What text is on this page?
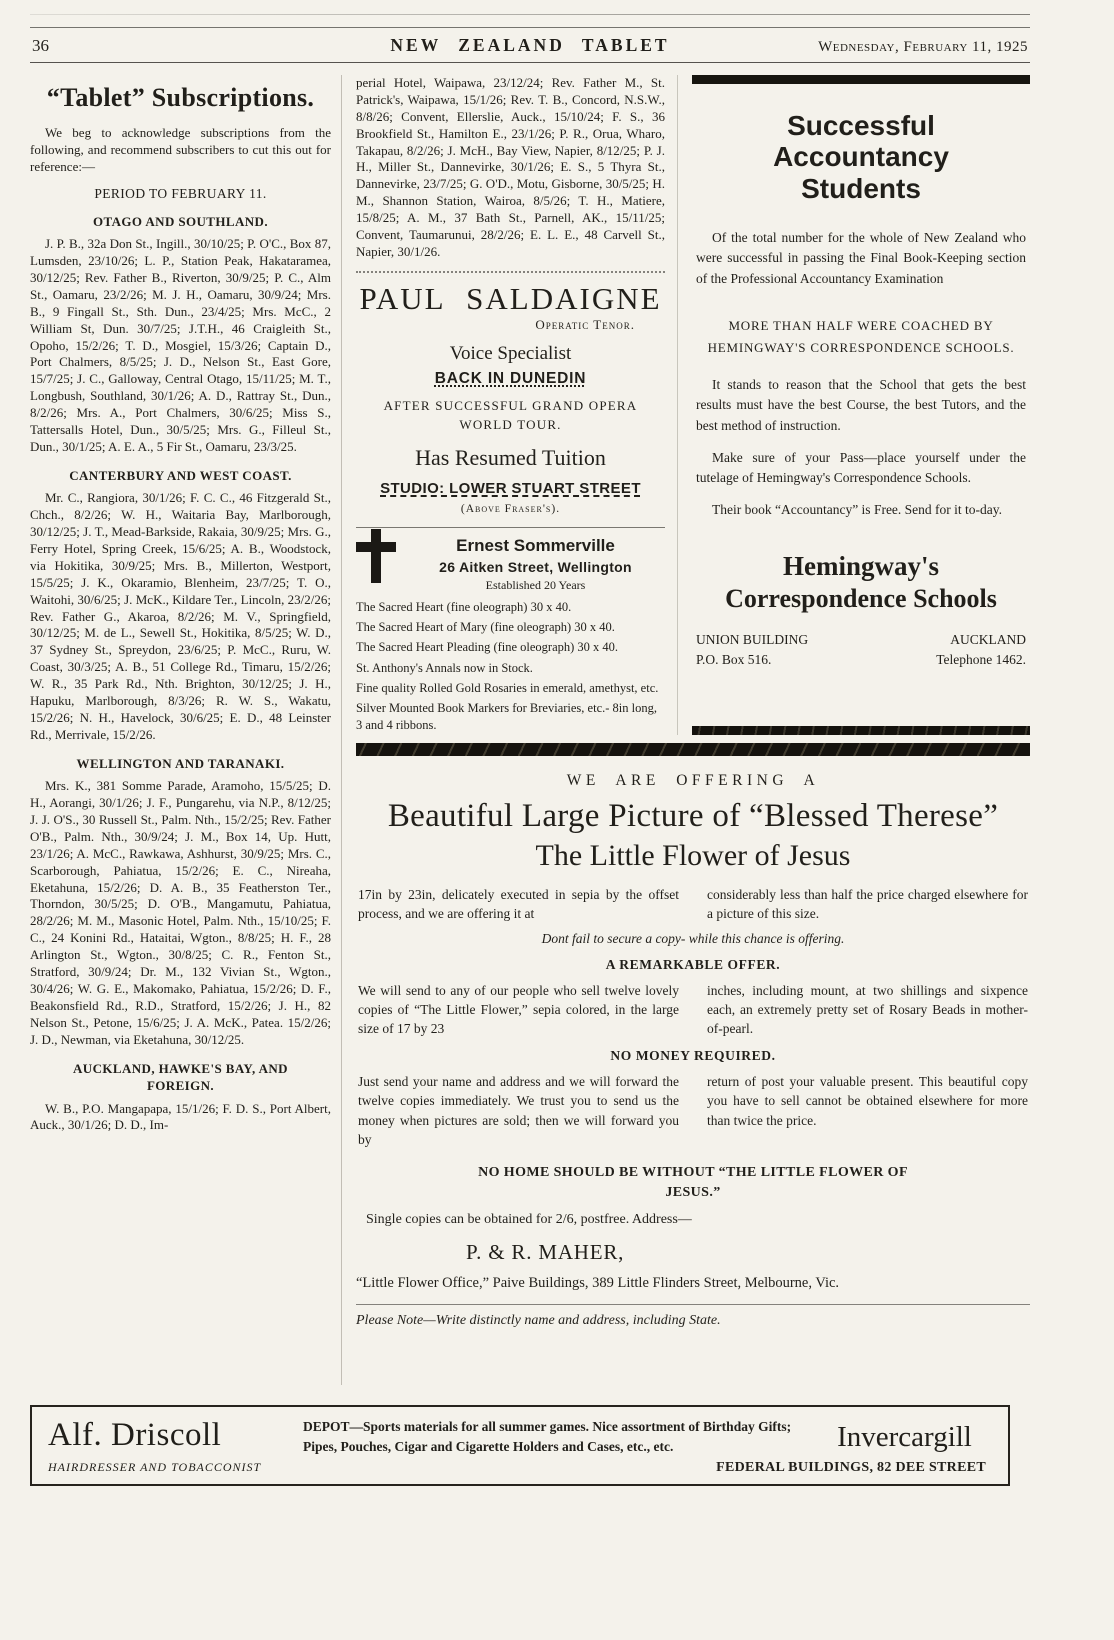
36	NEW ZEALAND TABLET	Wednesday, February 11, 1925
“Tablet” Subscriptions.

We beg to acknowledge subscriptions from the following, and recommend subscribers to cut this out for reference:—

PERIOD TO FEBRUARY 11.

OTAGO AND SOUTHLAND.

J. P. B., 32a Don St., Ingill., 30/10/25; P. O'C., Box 87, Lumsden, 23/10/26; L. P., Station Peak, Hakataramea, 30/12/25; Rev. Father B., Riverton, 30/9/25; P. C., Alm St., Oamaru, 23/2/26; M. J. H., Oamaru, 30/9/24; Mrs. B., 9 Fingall St., Sth. Dun., 23/4/25; Mrs. McC., 2 William St, Dun. 30/7/25; J.T.H., 46 Craigleith St., Opoho, 15/2/26; T. D., Mosgiel, 15/3/26; Captain D., Port Chalmers, 8/5/25; J. D., Nelson St., East Gore, 15/7/25; J. C., Galloway, Central Otago, 15/11/25; M. T., Longbush, Southland, 30/1/26; A. D., Rattray St., Dun., 8/2/26; Mrs. A., Port Chalmers, 30/6/25; Miss S., Tattersalls Hotel, Dun., 30/5/25; Mrs. G., Filleul St., Dun., 30/1/25; A. E. A., 5 Fir St., Oamaru, 23/3/25.

CANTERBURY AND WEST COAST.

Mr. C., Rangiora, 30/1/26; F. C. C., 46 Fitzgerald St., Chch., 8/2/26; W. H., Waitaria Bay, Marlborough, 30/12/25; J. T., Mead-Barkside, Rakaia, 30/9/25; Mrs. G., Ferry Hotel, Spring Creek, 15/6/25; A. B., Woodstock, via Hokitika, 30/9/25; Mrs. B., Millerton, Westport, 15/5/25; J. K., Okaramio, Blenheim, 23/7/25; T. O., Waitohi, 30/6/25; J. McK., Kildare Ter., Lincoln, 23/2/26; Rev. Father G., Akaroa, 8/2/26; M. V., Springfield, 30/12/25; M. de L., Sewell St., Hokitika, 8/5/25; W. D., 37 Sydney St., Spreydon, 23/6/25; P. McC., Ruru, W. Coast, 30/3/25; A. B., 51 College Rd., Timaru, 15/2/26; W. R., 35 Park Rd., Nth. Brighton, 30/12/25; J. H., Hapuku, Marlborough, 8/3/26; R. W. S., Wakatu, 15/2/26; N. H., Havelock, 30/6/25; E. D., 48 Leinster Rd., Merrivale, 15/2/26.

WELLINGTON AND TARANAKI.

Mrs. K., 381 Somme Parade, Aramoho, 15/5/25; D. H., Aorangi, 30/1/26; J. F., Pungarehu, via N.P., 8/12/25; J. J. O'S., 30 Russell St., Palm. Nth., 15/2/25; Rev. Father O'B., Palm. Nth., 30/9/24; J. M., Box 14, Up. Hutt, 23/1/26; A. McC., Rawkawa, Ashhurst, 30/9/25; Mrs. C., Scarborough, Pahiatua, 15/2/26; E. C., Nireaha, Eketahuna, 15/2/26; D. A. B., 35 Featherston Ter., Thorndon, 30/5/25; D. O'B., Mangamutu, Pahiatua, 28/2/26; M. M., Masonic Hotel, Palm. Nth., 15/10/25; F. C., 24 Konini Rd., Hataitai, Wgton., 8/8/25; H. F., 28 Arlington St., Wgton., 30/8/25; C. R., Fenton St., Stratford, 30/9/24; Dr. M., 132 Vivian St., Wgton., 30/4/26; W. G. E., Makomako, Pahiatua, 15/2/26; D. F., Beakonsfield Rd., R.D., Stratford, 15/2/26; J. H., 82 Nelson St., Petone, 15/6/25; J. A. McK., Patea. 15/2/26; J. D., Newman, via Eketahuna, 30/12/25.

AUCKLAND, HAWKE'S BAY, AND FOREIGN.

W. B., P.O. Mangapapa, 15/1/26; F. D. S., Port Albert, Auck., 30/1/26; D. D., Im-

perial Hotel, Waipawa, 23/12/24; Rev. Father M., St. Patrick's, Waipawa, 15/1/26; Rev. T. B., Concord, N.S.W., 8/8/26; Convent, Ellerslie, Auck., 15/10/24; F. S., 36 Brookfield St., Hamilton E., 23/1/26; P. R., Orua, Wharo, Takapau, 8/2/26; J. McH., Bay View, Napier, 8/12/25; P. J. H., Miller St., Dannevirke, 30/1/26; E. S., 5 Thyra St., Dannevirke, 23/7/25; G. O'D., Motu, Gisborne, 30/5/25; H. M., Shannon Station, Wairoa, 8/5/26; T. H., Matiere, 15/8/25; A. M., 37 Bath St., Parnell, AK., 15/11/25; Convent, Taumarunui, 28/2/26; E. L. E., 48 Carvell St., Napier, 30/1/26.

PAUL SALDAIGNE
Operatic Tenor.
Voice Specialist
BACK IN DUNEDIN
AFTER SUCCESSFUL GRAND OPERA WORLD TOUR.
Has Resumed Tuition
STUDIO: LOWER STUART STREET
(Above Fraser's).
Ernest Sommerville
26 Aitken Street, Wellington
Established 20 Years

The Sacred Heart (fine oleograph) 30 x 40.

The Sacred Heart of Mary (fine oleograph) 30 x 40.

The Sacred Heart Pleading (fine oleograph) 30 x 40.

St. Anthony's Annals now in Stock.

Fine quality Rolled Gold Rosaries in emerald, amethyst, etc.

Silver Mounted Book Markers for Breviaries, etc.- 8in long, 3 and 4 ribbons.

Successful Accountancy Students

Of the total number for the whole of New Zealand who were successful in passing the Final Book-Keeping section of the Professional Accountancy Examination

MORE THAN HALF WERE COACHED BY HEMINGWAY'S CORRESPONDENCE SCHOOLS.

It stands to reason that the School that gets the best results must have the best Course, the best Tutors, and the best method of instruction.

Make sure of your Pass—place yourself under the tutelage of Hemingway's Correspondence Schools.

Their book “Accountancy” is Free. Send for it to-day.

Hemingway's
Correspondence Schools
UNION BUILDING	AUCKLAND
P.O. Box 516.	Telephone 1462.

WE ARE OFFERING A

Beautiful Large Picture of “Blessed Therese”
The Little Flower of Jesus

17in by 23in, delicately executed in sepia by the offset process, and we are offering it at

considerably less than half the price charged elsewhere for a picture of this size.

Dont fail to secure a copy- while this chance is offering.

A REMARKABLE OFFER.

We will send to any of our people who sell twelve lovely copies of “The Little Flower,” sepia colored, in the large size of 17 by 23

inches, including mount, at two shillings and sixpence each, an extremely pretty set of Rosary Beads in mother-of-pearl.

NO MONEY REQUIRED.

Just send your name and address and we will forward the twelve copies immediately. We trust you to send us the money when pictures are sold; then we will forward you by

return of post your valuable present. This beautiful copy you have to sell cannot be obtained elsewhere for more than twice the price.

NO HOME SHOULD BE WITHOUT “THE LITTLE FLOWER OF JESUS.”

Single copies can be obtained for 2/6, postfree. Address—

P. & R. MAHER,

“Little Flower Office,” Paive Buildings, 389 Little Flinders Street, Melbourne, Vic.

Please Note—Write distinctly name and address, including State.

Alf. Driscoll
HAIRDRESSER AND TOBACCONIST

DEPOT—Sports materials for all summer games. Nice assortment of Birthday Gifts; Pipes, Pouches, Cigar and Cigarette Holders and Cases, etc., etc.	Invercargill

FEDERAL BUILDINGS, 82 DEE STREET
